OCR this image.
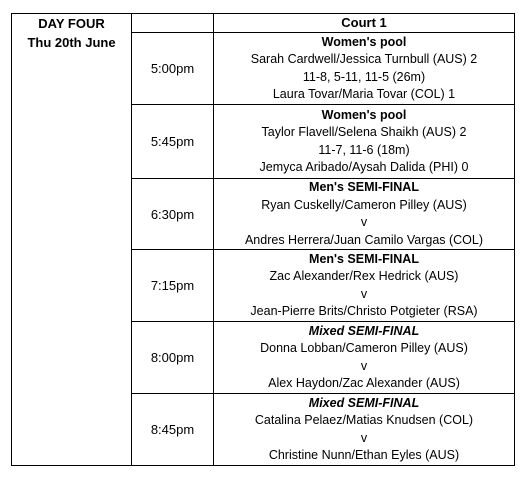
DAY FOUR
Thu 20th June
Court 1
5:00pm
Women's pool
Sarah Cardwell/Jessica Turnbull (AUS) 2
11-8, 5-11, 11-5 (26m)
Laura Tovar/Maria Tovar (COL) 1
5:45pm
Women's pool
Taylor Flavell/Selena Shaikh (AUS) 2
11-7, 11-6 (18m)
Jemyca Aribado/Aysah Dalida (PHI) 0
6:30pm
Men's SEMI-FINAL
Ryan Cuskelly/Cameron Pilley (AUS)
v
Andres Herrera/Juan Camilo Vargas (COL)
7:15pm
Men's SEMI-FINAL
Zac Alexander/Rex Hedrick (AUS)
v
Jean-Pierre Brits/Christo Potgieter (RSA)
8:00pm
Mixed SEMI-FINAL
Donna Lobban/Cameron Pilley (AUS)
v
Alex Haydon/Zac Alexander (AUS)
8:45pm
Mixed SEMI-FINAL
Catalina Pelaez/Matias Knudsen (COL)
v
Christine Nunn/Ethan Eyles (AUS)
